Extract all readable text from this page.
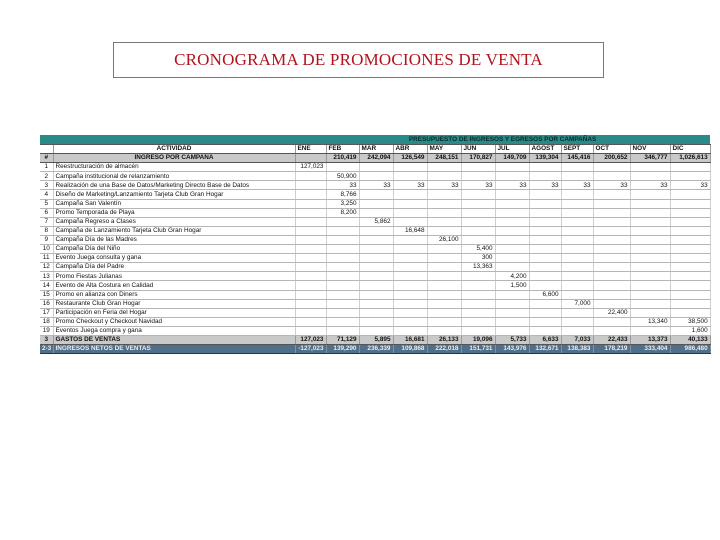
CRONOGRAMA DE PROMOCIONES DE VENTA
		PRESUPUESTO DE INGRESOS Y EGRESOS POR CAMPAÑAS											
	ACTIVIDAD	ENE	FEB	MAR	ABR	MAY	JUN	JUL	AGOST	SEPT	OCT	NOV	DIC
#	INGRESO POR CAMPAÑA		210,419	242,094	126,549	248,151	170,827	149,709	139,304	145,416	200,652	346,777	1,026,613
1	Reestructuración de almacén	127,023											
2	Campaña institucional de relanzamiento		50,900										
3	Realización de una Base de Datos/Marketing Directo Base de Datos		33	33	33	33	33	33	33	33	33	33	33
4	Diseño de Marketing/Lanzamiento Tarjeta Club Gran Hogar		8,766										
5	Campaña San Valentín		3,250										
6	Promo Temporada de Playa		8,200										
7	Campaña Regreso a Clases			5,862									
8	Campaña de Lanzamiento Tarjeta Club Gran Hogar				16,648								
9	Campaña Día de las Madres					26,100							
10	Campaña Día del Niño						5,400						
11	Evento Juega consulta y gana						300						
12	Campaña Día del Padre						13,363						
13	Promo Fiestas Julianas							4,200					
14	Evento de Alta Costura en Calidad							1,500					
15	Promo en alianza con Diners								6,600				
16	Restaurante Club Gran Hogar									7,000			
17	Participación en Feria del Hogar										22,400		
18	Promo Checkout y Checkout Navidad											13,340	38,500
19	Eventos Juega compra y gana												1,600
3	GASTOS DE VENTAS	127,023	71,129	5,895	16,681	26,133	19,096	5,733	6,633	7,033	22,433	13,373	40,133
2-3	INGRESOS NETOS DE VENTAS	-127,023	139,290	236,339	109,868	222,018	151,731	143,976	132,671	138,383	178,219	333,404	986,480
